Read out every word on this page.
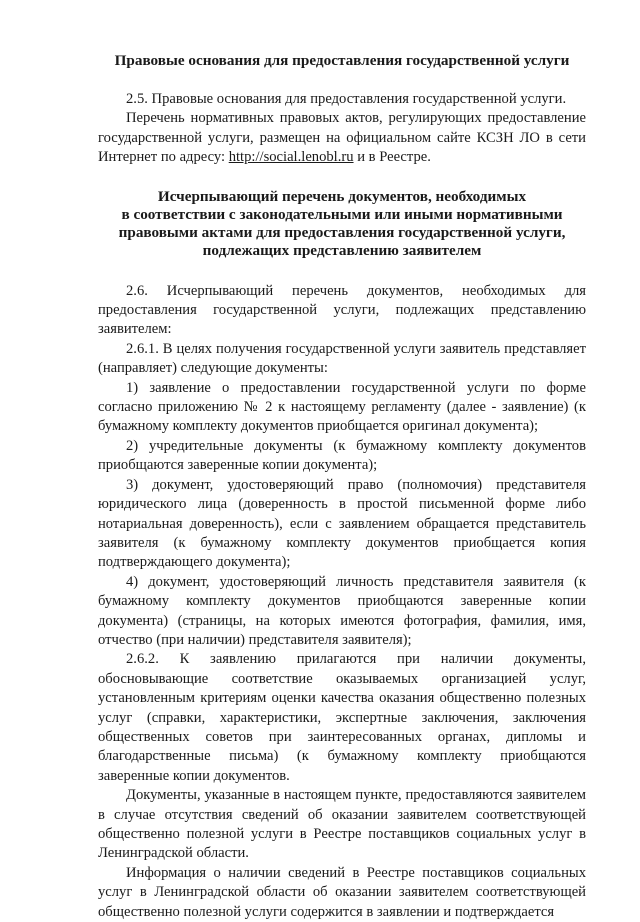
Правовые основания для предоставления государственной услуги

2.5. Правовые основания для предоставления государственной услуги.

Перечень нормативных правовых актов, регулирующих предоставление государственной услуги, размещен на официальном сайте КСЗН ЛО в сети Интернет по адресу: http://social.lenobl.ru и в Реестре.

Исчерпывающий перечень документов, необходимых
в соответствии с законодательными или иными нормативными
правовыми актами для предоставления государственной услуги,
подлежащих представлению заявителем

2.6. Исчерпывающий перечень документов, необходимых для предоставления государственной услуги, подлежащих представлению заявителем:

2.6.1. В целях получения государственной услуги заявитель представляет (направляет) следующие документы:

1) заявление о предоставлении государственной услуги по форме согласно приложению № 2 к настоящему регламенту (далее - заявление) (к бумажному комплекту документов приобщается оригинал документа);

2) учредительные документы (к бумажному комплекту документов приобщаются заверенные копии документа);

3) документ, удостоверяющий право (полномочия) представителя юридического лица (доверенность в простой письменной форме либо нотариальная доверенность), если с заявлением обращается представитель заявителя (к бумажному комплекту документов приобщается копия подтверждающего документа);

4) документ, удостоверяющий личность представителя заявителя (к бумажному комплекту документов приобщаются заверенные копии документа) (страницы, на которых имеются фотография, фамилия, имя, отчество (при наличии) представителя заявителя);

2.6.2. К заявлению прилагаются при наличии документы, обосновывающие соответствие оказываемых организацией услуг, установленным критериям оценки качества оказания общественно полезных услуг (справки, характеристики, экспертные заключения, заключения общественных советов при заинтересованных органах, дипломы и благодарственные письма) (к бумажному комплекту приобщаются заверенные копии документов.

Документы, указанные в настоящем пункте, предоставляются заявителем в случае отсутствия сведений об оказании заявителем соответствующей общественно полезной услуги в Реестре поставщиков социальных услуг в Ленинградской области.

Информация о наличии сведений в Реестре поставщиков социальных услуг в Ленинградской области об оказании заявителем соответствующей общественно полезной услуги содержится в заявлении и подтверждается
